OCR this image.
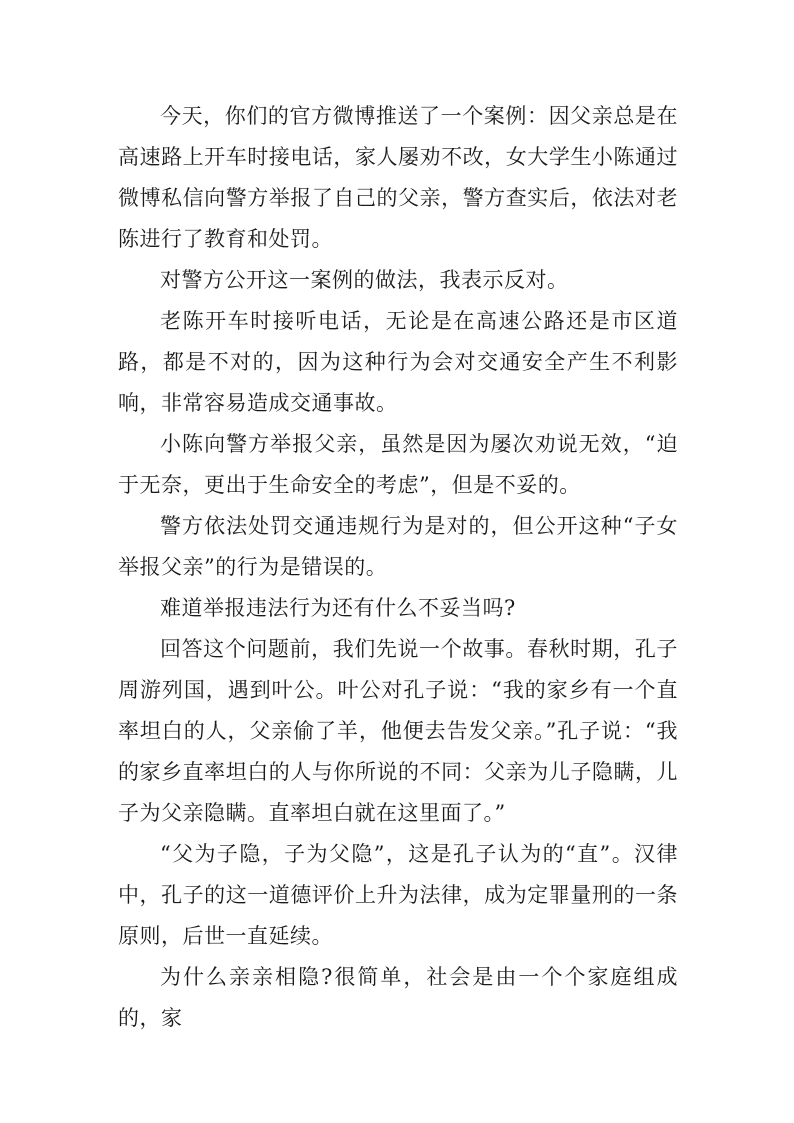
今天，你们的官方微博推送了一个案例：因父亲总是在高速路上开车时接电话，家人屡劝不改，女大学生小陈通过微博私信向警方举报了自己的父亲，警方查实后，依法对老陈进行了教育和处罚。

对警方公开这一案例的做法，我表示反对。

老陈开车时接听电话，无论是在高速公路还是市区道路，都是不对的，因为这种行为会对交通安全产生不利影响，非常容易造成交通事故。

小陈向警方举报父亲，虽然是因为屡次劝说无效，“迫于无奈，更出于生命安全的考虑”，但是不妥的。

警方依法处罚交通违规行为是对的，但公开这种“子女举报父亲”的行为是错误的。

难道举报违法行为还有什么不妥当吗?

回答这个问题前，我们先说一个故事。春秋时期，孔子周游列国，遇到叶公。叶公对孔子说：“我的家乡有一个直率坦白的人，父亲偷了羊，他便去告发父亲。”孔子说：“我的家乡直率坦白的人与你所说的不同：父亲为儿子隐瞒，儿子为父亲隐瞒。直率坦白就在这里面了。”

“父为子隐，子为父隐”，这是孔子认为的“直”。汉律中，孔子的这一道德评价上升为法律，成为定罪量刑的一条原则，后世一直延续。

为什么亲亲相隐?很简单，社会是由一个个家庭组成的，家
